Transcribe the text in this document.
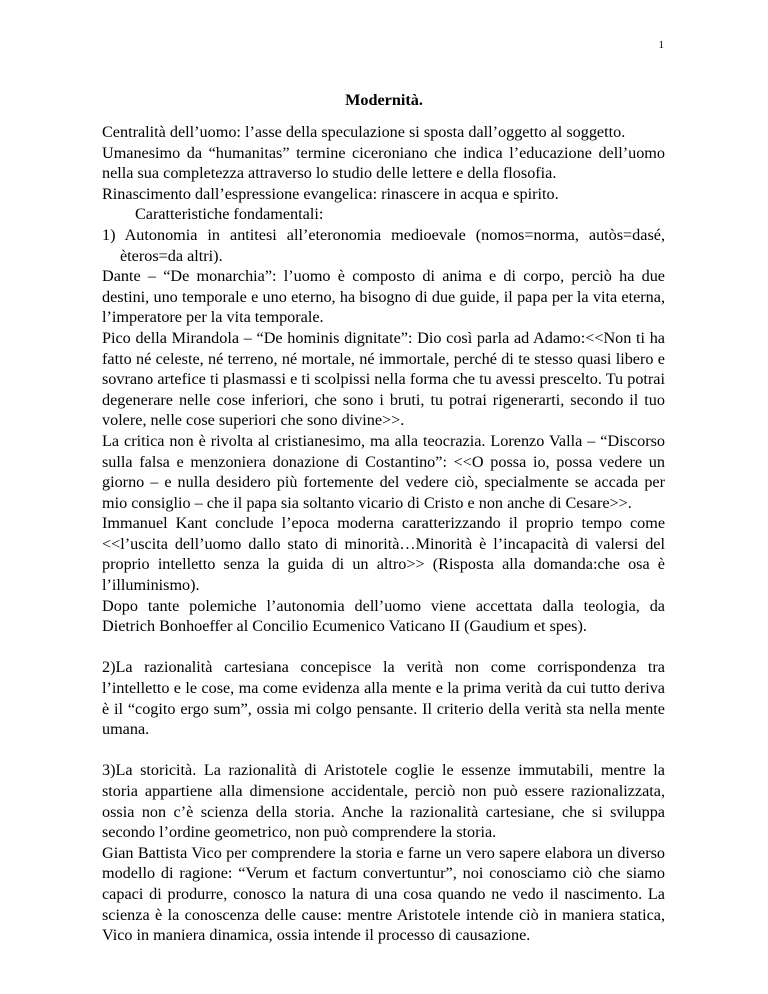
1
Modernità.

Centralità dell’uomo: l’asse della speculazione si sposta dall’oggetto al soggetto.

Umanesimo da “humanitas” termine ciceroniano che indica l’educazione dell’uomo nella sua completezza attraverso lo studio delle lettere e della flosofia.

Rinascimento dall’espressione evangelica: rinascere in acqua e spirito.

Caratteristiche fondamentali:

1) Autonomia in antitesi all’eteronomia medioevale (nomos=norma, autòs=dasé, èteros=da altri).

Dante – “De monarchia”: l’uomo è composto di anima e di corpo, perciò ha due destini, uno temporale e uno eterno, ha bisogno di due guide, il papa per la vita eterna, l’imperatore per la vita temporale.

Pico della Mirandola – “De hominis dignitate”: Dio così parla ad Adamo:<<Non ti ha fatto né celeste, né terreno, né mortale, né immortale, perché di te stesso quasi libero e sovrano artefice ti plasmassi e ti scolpissi nella forma che tu avessi prescelto. Tu potrai degenerare nelle cose inferiori, che sono i bruti, tu potrai rigenerarti, secondo il tuo volere, nelle cose superiori che sono divine>>.

La critica non è rivolta al cristianesimo, ma alla teocrazia. Lorenzo Valla – “Discorso sulla falsa e menzoniera donazione di Costantino”: <<O possa io, possa vedere un giorno – e nulla desidero più fortemente del vedere ciò, specialmente se accada per mio consiglio – che il papa sia soltanto vicario di Cristo e non anche di Cesare>>.

Immanuel Kant conclude l’epoca moderna caratterizzando il proprio tempo come <<l’uscita dell’uomo dallo stato di minorità…Minorità è l’incapacità di valersi del proprio intelletto senza la guida di un altro>> (Risposta alla domanda:che osa è l’illuminismo).

Dopo tante polemiche l’autonomia dell’uomo viene accettata dalla teologia, da Dietrich Bonhoeffer al Concilio Ecumenico Vaticano II (Gaudium et spes).

2)La razionalità cartesiana concepisce la verità non come corrispondenza tra l’intelletto e le cose, ma come evidenza alla mente e la prima verità da cui tutto deriva è il “cogito ergo sum”, ossia mi colgo pensante. Il criterio della verità sta nella mente umana.

3)La storicità. La razionalità di Aristotele coglie le essenze immutabili, mentre la storia appartiene alla dimensione accidentale, perciò non può essere razionalizzata, ossia non c’è scienza della storia. Anche la razionalità cartesiane, che si sviluppa secondo l’ordine geometrico, non può comprendere la storia.

Gian Battista Vico per comprendere la storia e farne un vero sapere elabora un diverso modello di ragione: “Verum et factum convertuntur”, noi conosciamo ciò che siamo capaci di produrre, conosco la natura di una cosa quando ne vedo il nascimento. La scienza è la conoscenza delle cause: mentre Aristotele intende ciò in maniera statica, Vico in maniera dinamica, ossia intende il processo di causazione.
